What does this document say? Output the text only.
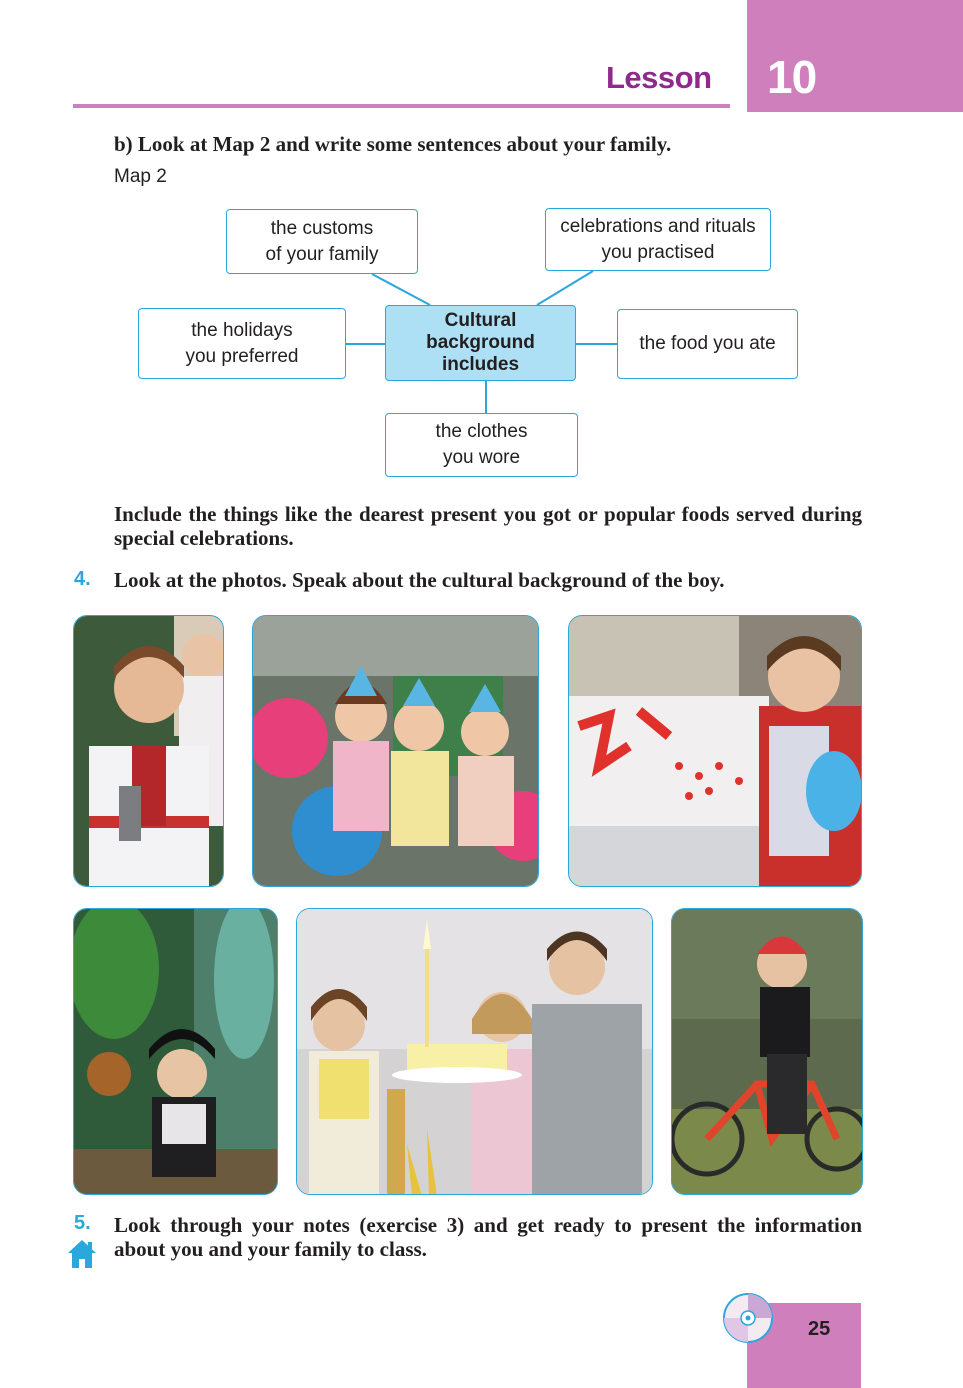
10
Lesson
b) Look at Map 2 and write some sentences about your family.
Map 2
the customs
of your family
celebrations and rituals
you practised
the holidays
you preferred
Cultural
background
includes
the food you ate
the clothes
you wore
Include the things like the dearest present you got or popular foods served during special celebrations.
4. Look at the photos. Speak about the cultural background of the boy.
5. Look through your notes (exercise 3) and get ready to present the information about you and your family to class.
25
